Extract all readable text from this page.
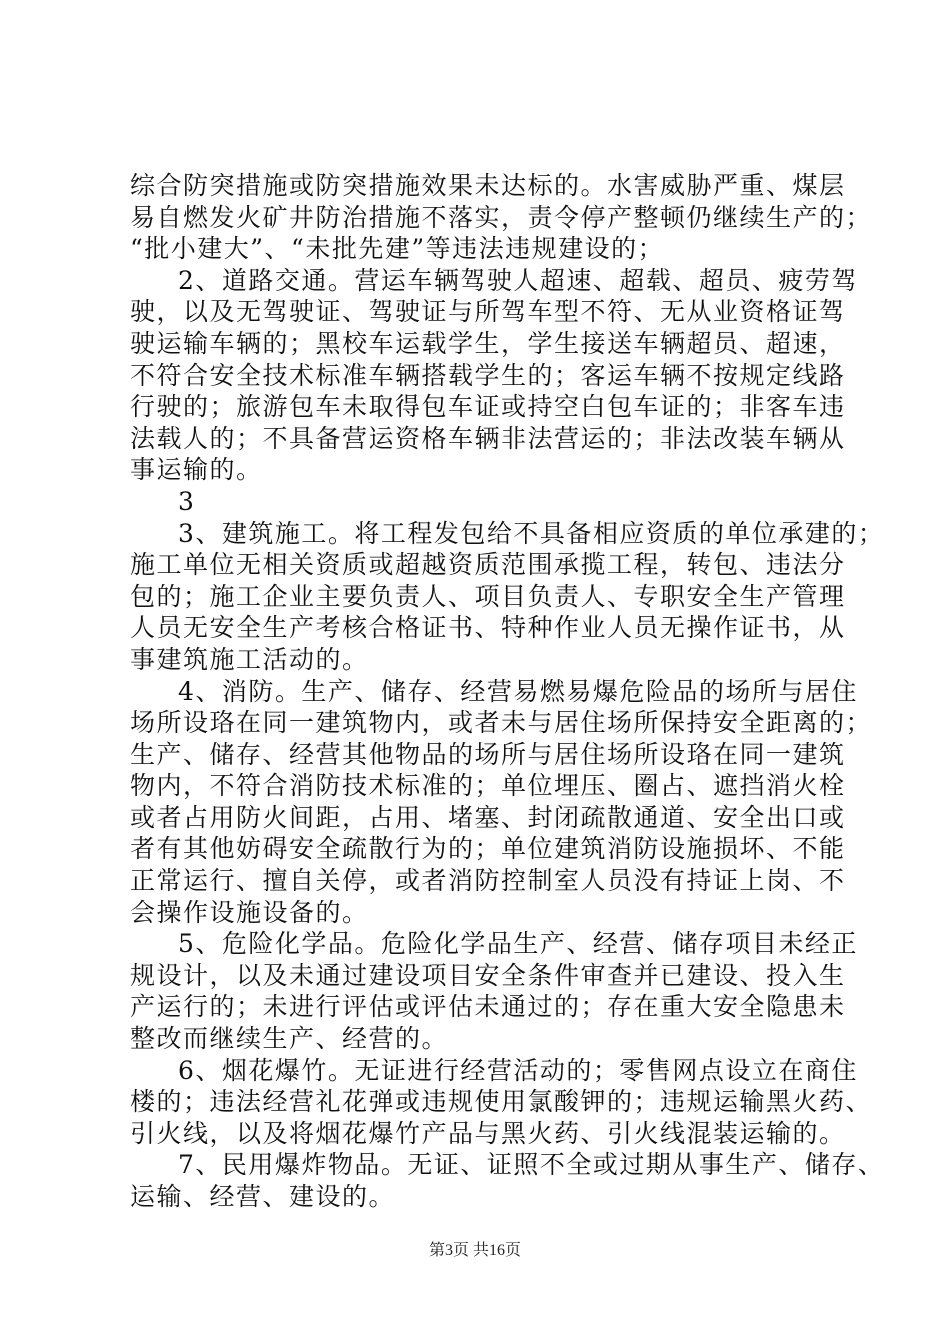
综合防突措施或防突措施效果未达标的。水害威胁严重、煤层
易自燃发火矿井防治措施不落实，责令停产整顿仍继续生产的；
“批小建大”、“未批先建”等违法违规建设的；
2、道路交通。营运车辆驾驶人超速、超载、超员、疲劳驾
驶，以及无驾驶证、驾驶证与所驾车型不符、无从业资格证驾
驶运输车辆的；黑校车运载学生，学生接送车辆超员、超速，
不符合安全技术标准车辆搭载学生的；客运车辆不按规定线路
行驶的；旅游包车未取得包车证或持空白包车证的；非客车违
法载人的；不具备营运资格车辆非法营运的；非法改装车辆从
事运输的。
3
3、建筑施工。将工程发包给不具备相应资质的单位承建的；
施工单位无相关资质或超越资质范围承揽工程，转包、违法分
包的；施工企业主要负责人、项目负责人、专职安全生产管理
人员无安全生产考核合格证书、特种作业人员无操作证书，从
事建筑施工活动的。
4、消防。生产、储存、经营易燃易爆危险品的场所与居住
场所设珞在同一建筑物内，或者未与居住场所保持安全距离的；
生产、储存、经营其他物品的场所与居住场所设珞在同一建筑
物内，不符合消防技术标准的；单位埋压、圈占、遮挡消火栓
或者占用防火间距，占用、堵塞、封闭疏散通道、安全出口或
者有其他妨碍安全疏散行为的；单位建筑消防设施损坏、不能
正常运行、擅自关停，或者消防控制室人员没有持证上岗、不
会操作设施设备的。
5、危险化学品。危险化学品生产、经营、储存项目未经正
规设计，以及未通过建设项目安全条件审查并已建设、投入生
产运行的；未进行评估或评估未通过的；存在重大安全隐患未
整改而继续生产、经营的。
6、烟花爆竹。无证进行经营活动的；零售网点设立在商住
楼的；违法经营礼花弹或违规使用氯酸钾的；违规运输黑火药、
引火线，以及将烟花爆竹产品与黑火药、引火线混装运输的。
7、民用爆炸物品。无证、证照不全或过期从事生产、储存、
运输、经营、建设的。
第3页 共16页
